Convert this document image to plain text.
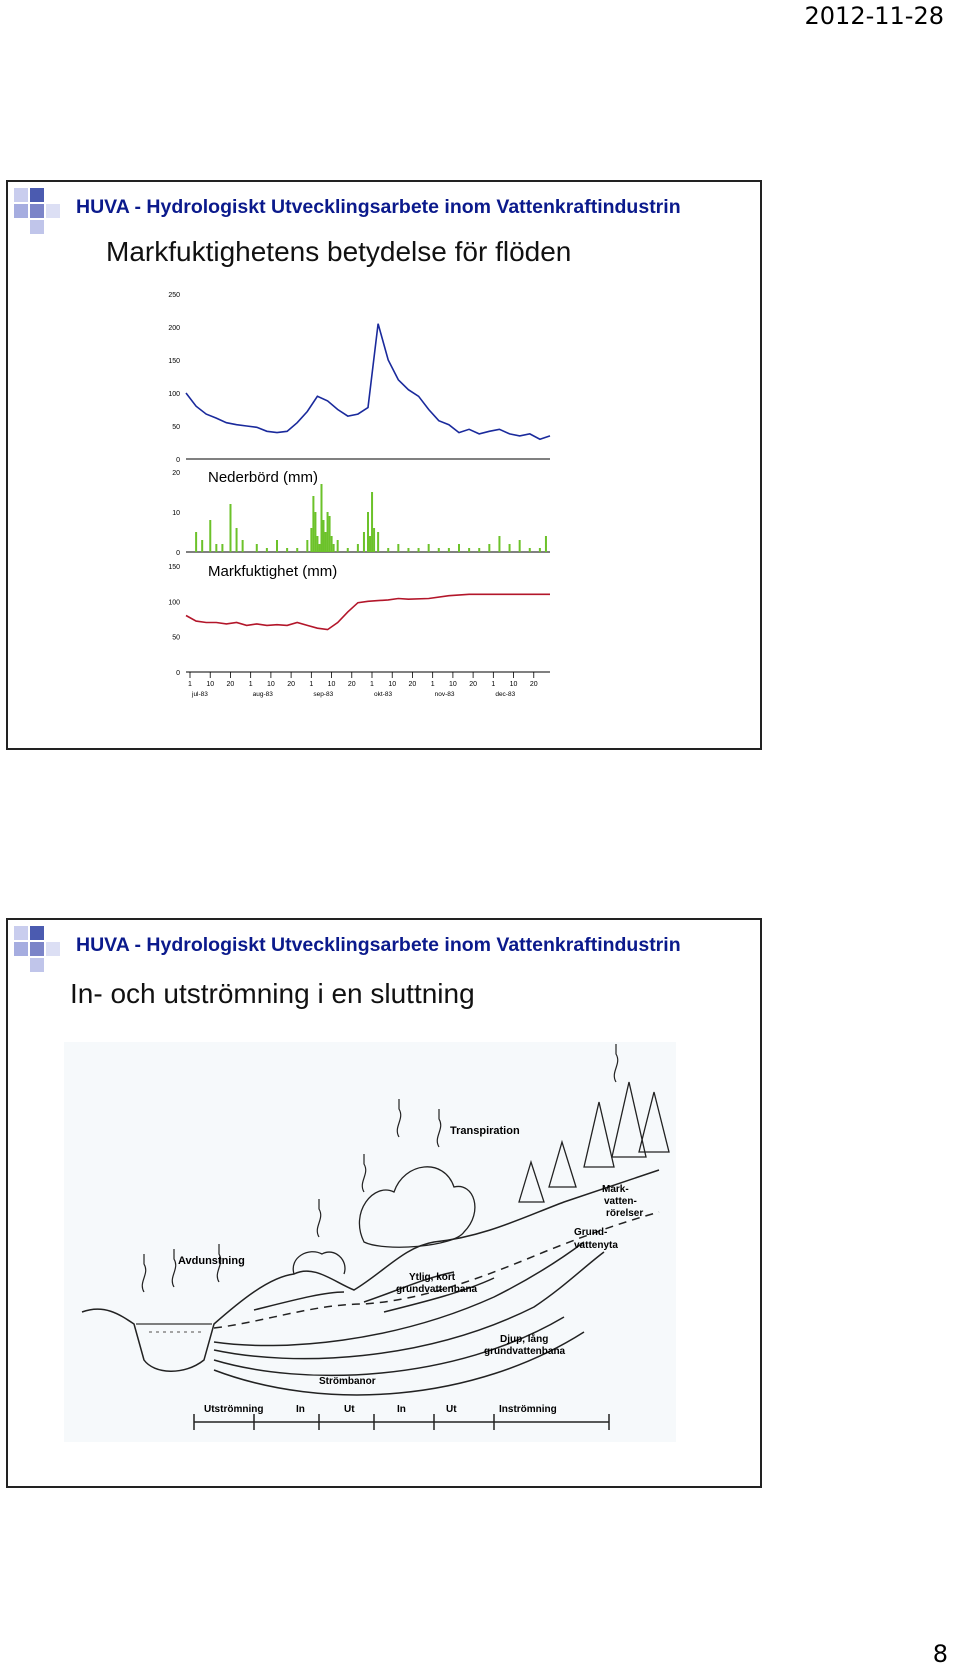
2012-11-28
HUVA - Hydrologiskt Utvecklingsarbete inom Vattenkraftindustrin
Markfuktighetens betydelse för flöden
0
50
100
150
200
250
0
10
20 Nederbörd (mm)
0
50
100
150 Markfuktighet (mm)
1 10 20 1 10 20 1 10 20 1 10 20 1 10 20 1 10 20
jul-83	aug-83	sep-83	okt-83	nov-83	dec-83
HUVA - Hydrologiskt Utvecklingsarbete inom Vattenkraftindustrin
In- och utströmning i en sluttning
Transpiration
Avdunstning
Mark-
vatten-
rörelser
Grund-
vattenyta
Ytlig, kort
grundvattenbana
Djup, lång
grundvattenbana
Strömbanor
Utströmning	In	Ut	In	Ut	Inströmning
8
